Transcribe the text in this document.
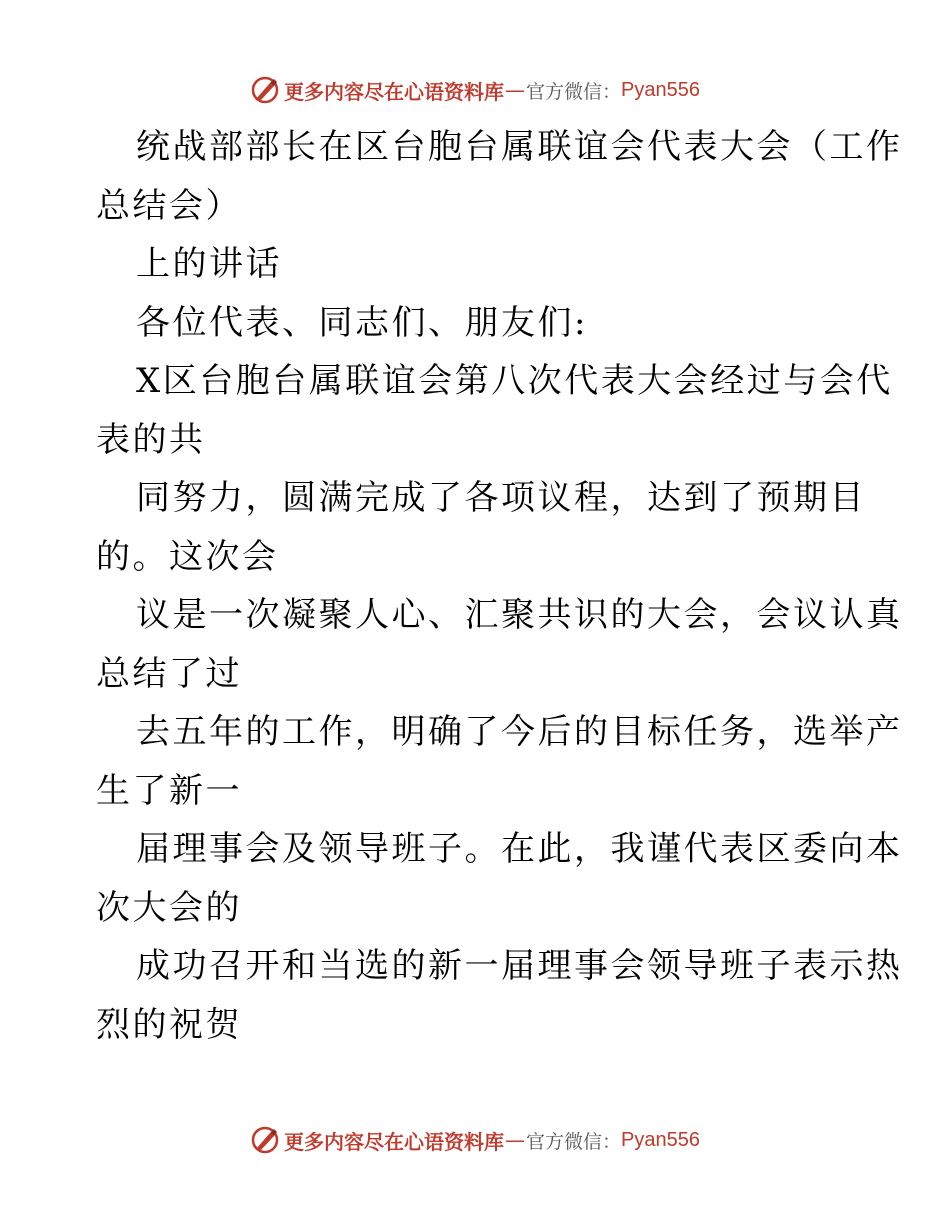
更多内容尽在心语资料库 — 官方微信： Pyan556
统战部部长在区台胞台属联谊会代表大会（工作
总结会）
上的讲话
各位代表、同志们、朋友们:
X区台胞台属联谊会第八次代表大会经过与会代
表的共
同努力，圆满完成了各项议程，达到了预期目
的。这次会
议是一次凝聚人心、汇聚共识的大会，会议认真
总结了过
去五年的工作，明确了今后的目标任务，选举产
生了新一
届理事会及领导班子。在此，我谨代表区委向本
次大会的
成功召开和当选的新一届理事会领导班子表示热
烈的祝贺
更多内容尽在心语资料库 — 官方微信： Pyan556
